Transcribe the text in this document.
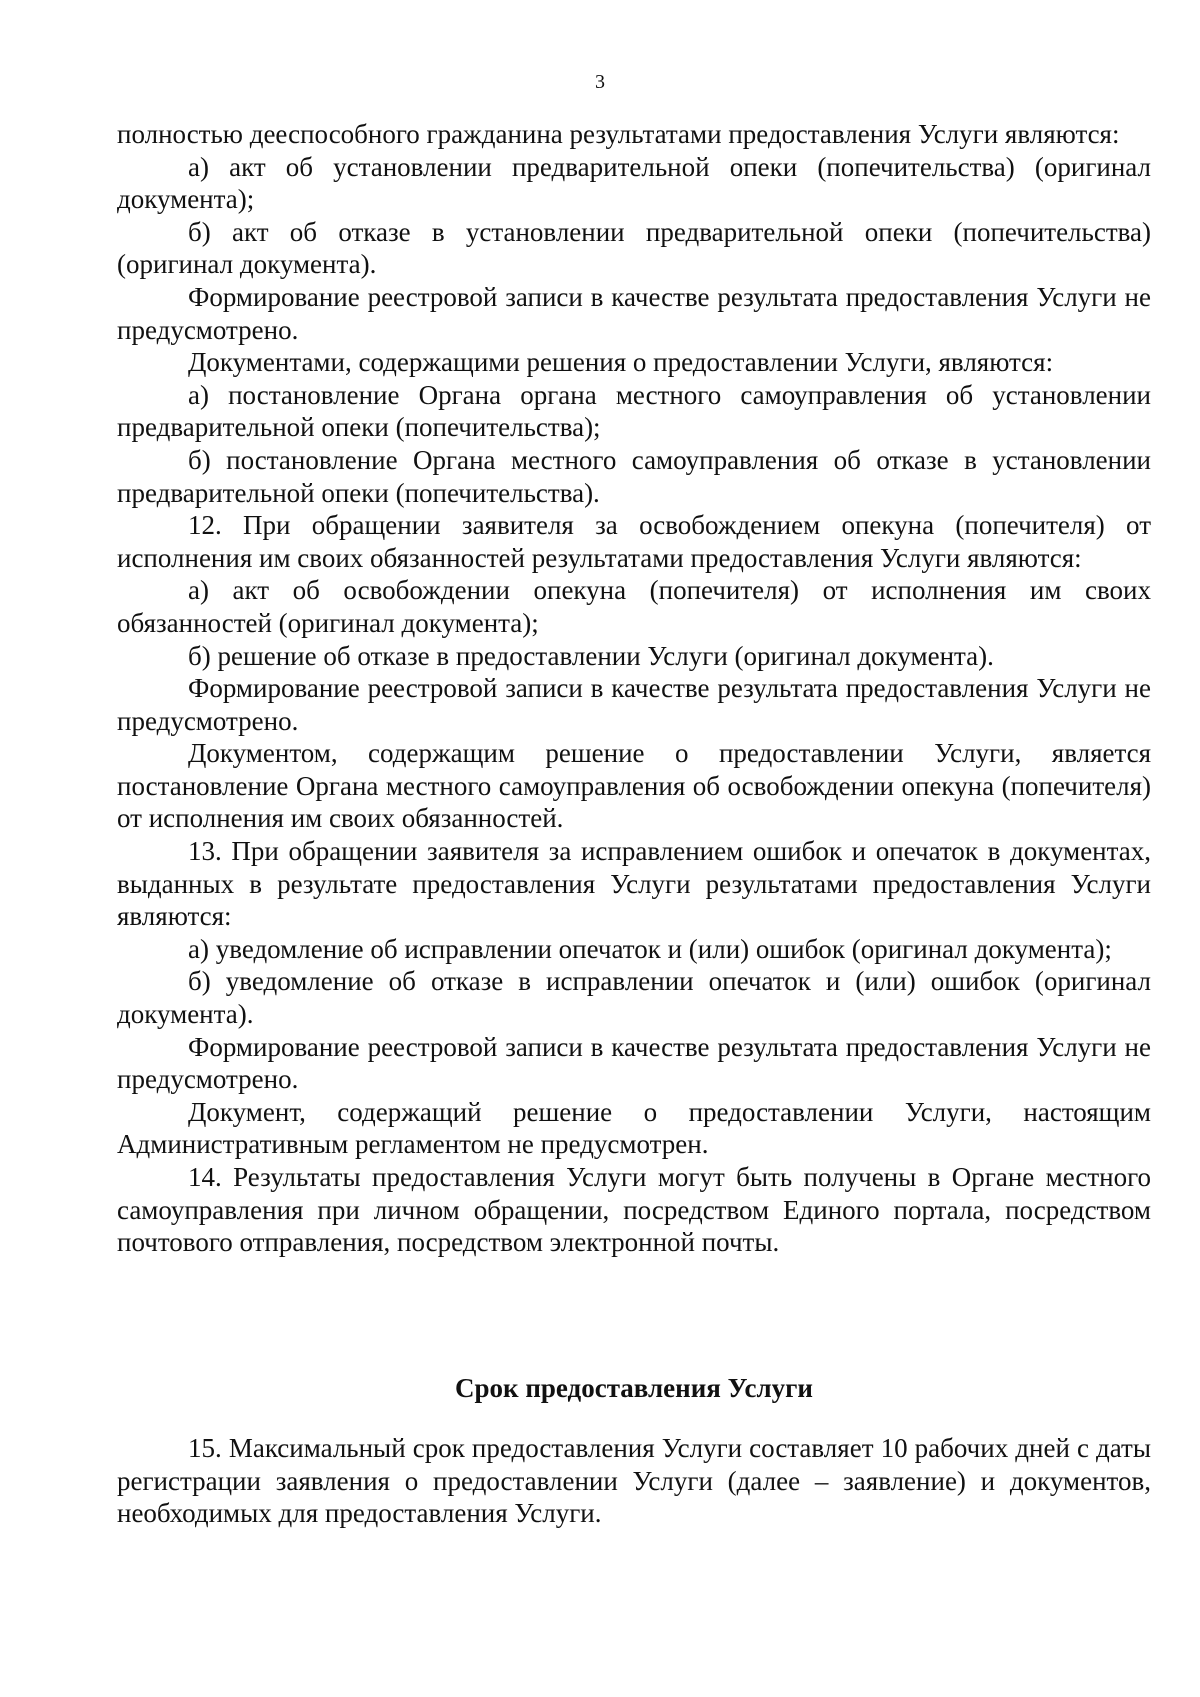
3

полностью дееспособного гражданина результатами предоставления Услуги являются:

а) акт об установлении предварительной опеки (попечительства) (оригинал документа);

б) акт об отказе в установлении предварительной опеки (попечительства) (оригинал документа).

Формирование реестровой записи в качестве результата предоставления Услуги не предусмотрено.

Документами, содержащими решения о предоставлении Услуги, являются:

а) постановление Органа органа местного самоуправления об установлении предварительной опеки (попечительства);

б) постановление Органа местного самоуправления об отказе в установлении предварительной опеки (попечительства).

12. При обращении заявителя за освобождением опекуна (попечителя) от исполнения им своих обязанностей результатами предоставления Услуги являются:

а) акт об освобождении опекуна (попечителя) от исполнения им своих обязанностей (оригинал документа);

б) решение об отказе в предоставлении Услуги (оригинал документа).

Формирование реестровой записи в качестве результата предоставления Услуги не предусмотрено.

Документом, содержащим решение о предоставлении Услуги, является постановление Органа местного самоуправления об освобождении опекуна (попечителя) от исполнения им своих обязанностей.

13. При обращении заявителя за исправлением ошибок и опечаток в документах, выданных в результате предоставления Услуги результатами предоставления Услуги являются:

а) уведомление об исправлении опечаток и (или) ошибок (оригинал документа);

б) уведомление об отказе в исправлении опечаток и (или) ошибок (оригинал документа).

Формирование реестровой записи в качестве результата предоставления Услуги не предусмотрено.

Документ, содержащий решение о предоставлении Услуги, настоящим Административным регламентом не предусмотрен.

14. Результаты предоставления Услуги могут быть получены в Органе местного самоуправления при личном обращении, посредством Единого портала, посредством почтового отправления, посредством электронной почты.

Срок предоставления Услуги

15. Максимальный срок предоставления Услуги составляет 10 рабочих дней с даты регистрации заявления о предоставлении Услуги (далее – заявление) и документов, необходимых для предоставления Услуги.
